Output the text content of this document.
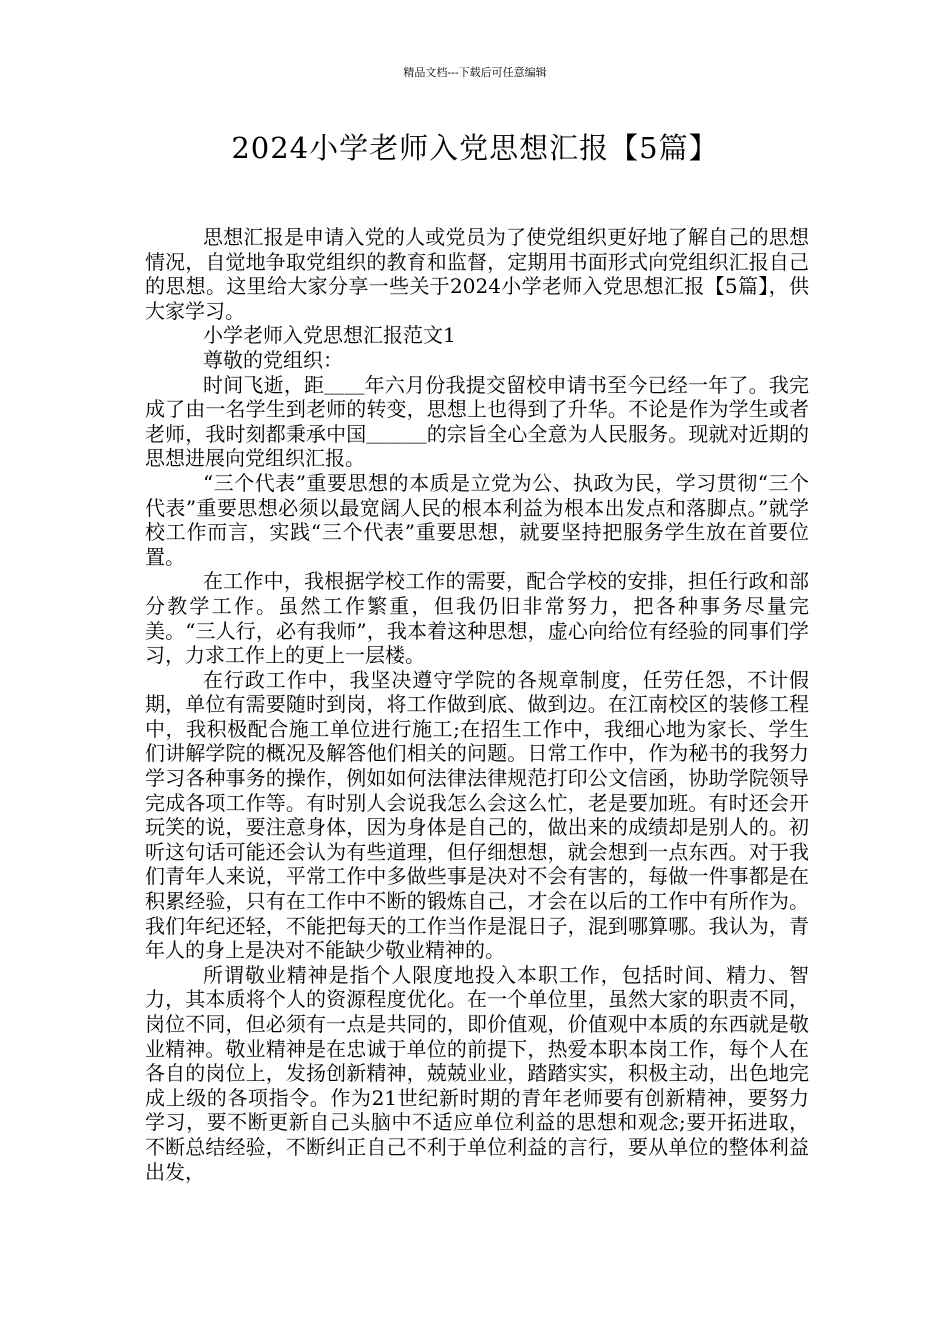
精品文档---下载后可任意编辑
2024小学老师入党思想汇报【5篇】

思想汇报是申请入党的人或党员为了使党组织更好地了解自己的思想情况，自觉地争取党组织的教育和监督，定期用书面形式向党组织汇报自己的思想。这里给大家分享一些关于2024小学老师入党思想汇报【5篇】，供大家学习。

小学老师入党思想汇报范文1

尊敬的党组织：

时间飞逝，距＿＿年六月份我提交留校申请书至今已经一年了。我完成了由一名学生到老师的转变，思想上也得到了升华。不论是作为学生或者老师，我时刻都秉承中国＿＿＿的宗旨全心全意为人民服务。现就对近期的思想进展向党组织汇报。

“三个代表”重要思想的本质是立党为公、执政为民，学习贯彻“三个代表”重要思想必须以最宽阔人民的根本利益为根本出发点和落脚点。”就学校工作而言，实践“三个代表”重要思想，就要坚持把服务学生放在首要位置。

在工作中，我根据学校工作的需要，配合学校的安排，担任行政和部分教学工作。虽然工作繁重，但我仍旧非常努力，把各种事务尽量完美。“三人行，必有我师”，我本着这种思想，虚心向给位有经验的同事们学习，力求工作上的更上一层楼。

在行政工作中，我坚决遵守学院的各规章制度，任劳任怨，不计假期，单位有需要随时到岗，将工作做到底、做到边。在江南校区的装修工程中，我积极配合施工单位进行施工;在招生工作中，我细心地为家长、学生们讲解学院的概况及解答他们相关的问题。日常工作中，作为秘书的我努力学习各种事务的操作，例如如何法律法律规范打印公文信函，协助学院领导完成各项工作等。有时别人会说我怎么会这么忙，老是要加班。有时还会开玩笑的说，要注意身体，因为身体是自己的，做出来的成绩却是别人的。初听这句话可能还会认为有些道理，但仔细想想，就会想到一点东西。对于我们青年人来说，平常工作中多做些事是决对不会有害的，每做一件事都是在积累经验，只有在工作中不断的锻炼自己，才会在以后的工作中有所作为。我们年纪还轻，不能把每天的工作当作是混日子，混到哪算哪。我认为，青年人的身上是决对不能缺少敬业精神的。

所谓敬业精神是指个人限度地投入本职工作，包括时间、精力、智力，其本质将个人的资源程度优化。在一个单位里，虽然大家的职责不同，岗位不同，但必须有一点是共同的，即价值观，价值观中本质的东西就是敬业精神。敬业精神是在忠诚于单位的前提下，热爱本职本岗工作，每个人在各自的岗位上，发扬创新精神，兢兢业业，踏踏实实，积极主动，出色地完成上级的各项指令。作为21世纪新时期的青年老师要有创新精神，要努力学习，要不断更新自己头脑中不适应单位利益的思想和观念;要开拓进取，不断总结经验，不断纠正自己不利于单位利益的言行，要从单位的整体利益出发，
